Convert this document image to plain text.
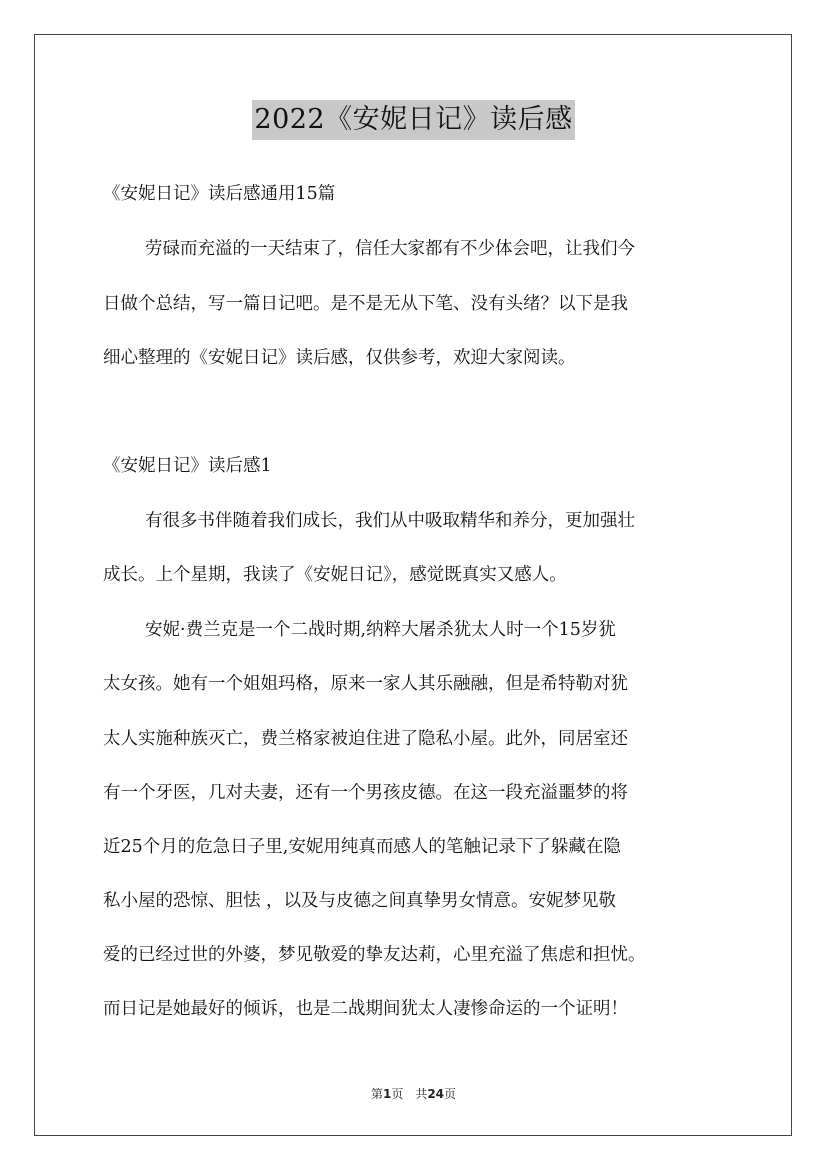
2022《安妮日记》读后感
《安妮日记》读后感通用15篇
劳碌而充溢的一天结束了，信任大家都有不少体会吧，让我们今
日做个总结，写一篇日记吧。是不是无从下笔、没有头绪？以下是我
细心整理的《安妮日记》读后感，仅供参考，欢迎大家阅读。
《安妮日记》读后感1
有很多书伴随着我们成长，我们从中吸取精华和养分，更加强壮
成长。上个星期，我读了《安妮日记》，感觉既真实又感人。
安妮·费兰克是一个二战时期,纳粹大屠杀犹太人时一个15岁犹
太女孩。她有一个姐姐玛格，原来一家人其乐融融，但是希特勒对犹
太人实施种族灭亡，费兰格家被迫住进了隐私小屋。此外，同居室还
有一个牙医，几对夫妻，还有一个男孩皮德。在这一段充溢噩梦的将
近25个月的危急日子里,安妮用纯真而感人的笔触记录下了躲藏在隐
私小屋的恐惊、胆怯 ，以及与皮德之间真挚男女情意。安妮梦见敬
爱的已经过世的外婆，梦见敬爱的挚友达莉，心里充溢了焦虑和担忧。
而日记是她最好的倾诉，也是二战期间犹太人凄惨命运的一个证明！
第1页　共24页
